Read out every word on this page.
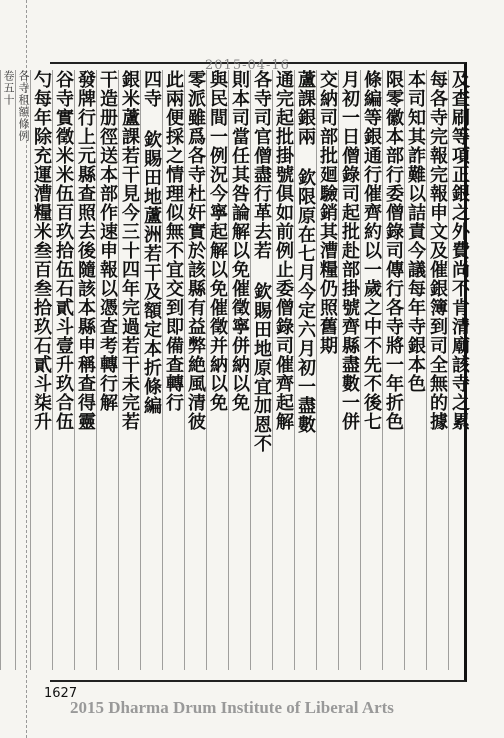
2015-04-16
及查刷等項正銀之外費尚不肯清廟該寺之累
每各寺完報完報申文及催銀簿到司全無的據
本司知其詐難以詰責今議每年寺銀本色
限零徽本部行委僧錄司傳行各寺將一年折色
條編等銀通行催齊約以一歲之中不先不後七
月初一日僧錄司起批赴部掛號齊縣盡數一併
交納司部批廻驗銷其漕糧仍照舊期
蘆課銀兩 欽限原在七月今定六月初一盡數
通完起批掛號俱如前例止委僧錄司催齊起解
各寺司官僧盡行革去若 欽賜田地原宜加恩不
則本司當任其咎論解以免催徵寧併納以免
與民間一例況今寧起解以免催徵并納以免
零派雖爲各寺杜奸實於該縣有益弊絶風清彼
此兩便採之情理似無不宜交到即備查轉行
四寺 欽賜田地蘆洲若干及額定本折條編
銀米蘆課若干見今三十四年完過若干未完若
干造册徑送本部作速申報以憑查考轉行解
發牌行上元縣查照去後隨該本縣申稱查得靈
谷寺實徵米米伍百玖拾伍石貳斗壹升玖合伍
勺每年除充運漕糧米叁百叁拾玖石貳斗柒升
各寺租額條例
卷五十
1627
2015 Dharma Drum Institute of Liberal Arts
